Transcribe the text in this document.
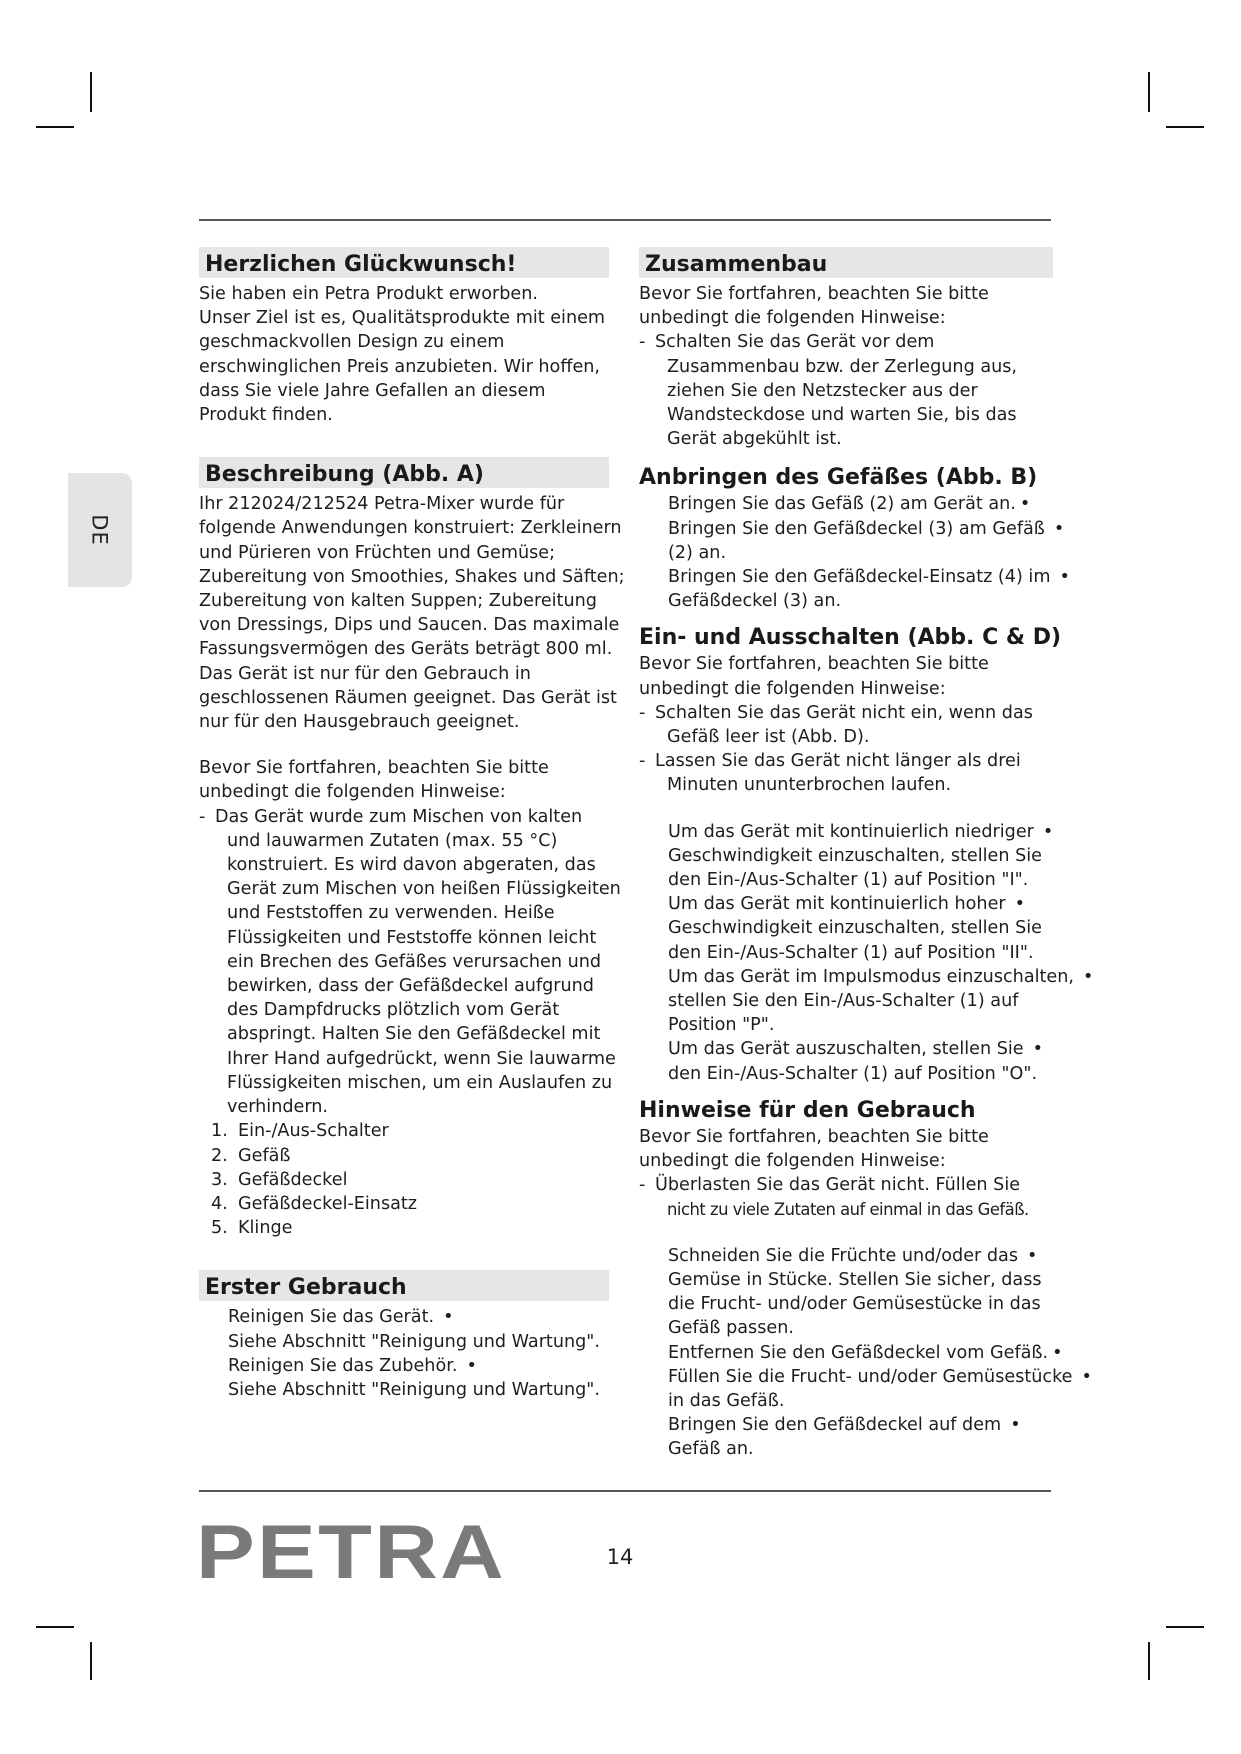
DE
Herzlichen Glückwunsch!

Sie haben ein Petra Produkt erworben.

Unser Ziel ist es, Qualitätsprodukte mit einem

geschmackvollen Design zu einem

erschwinglichen Preis anzubieten. Wir hoffen,

dass Sie viele Jahre Gefallen an diesem

Produkt finden.

Beschreibung (Abb. A)

Ihr 212024/212524 Petra-Mixer wurde für

folgende Anwendungen konstruiert: Zerkleinern

und Pürieren von Früchten und Gemüse;

Zubereitung von Smoothies, Shakes und Säften;

Zubereitung von kalten Suppen; Zubereitung

von Dressings, Dips und Saucen. Das maximale

Fassungsvermögen des Geräts beträgt 800 ml.

Das Gerät ist nur für den Gebrauch in

geschlossenen Räumen geeignet. Das Gerät ist

nur für den Hausgebrauch geeignet.

Bevor Sie fortfahren, beachten Sie bitte

unbedingt die folgenden Hinweise:

- Das Gerät wurde zum Mischen von kalten
und lauwarmen Zutaten (max. 55 °C)
konstruiert. Es wird davon abgeraten, das
Gerät zum Mischen von heißen Flüssigkeiten
und Feststoffen zu verwenden. Heiße
Flüssigkeiten und Feststoffe können leicht
ein Brechen des Gefäßes verursachen und
bewirken, dass der Gefäßdeckel aufgrund
des Dampfdrucks plötzlich vom Gerät
abspringt. Halten Sie den Gefäßdeckel mit
Ihrer Hand aufgedrückt, wenn Sie lauwarme
Flüssigkeiten mischen, um ein Auslaufen zu
verhindern.
1. Ein-/Aus-Schalter
2. Gefäß
3. Gefäßdeckel
4. Gefäßdeckel-Einsatz
5. Klinge
Erster Gebrauch
Reinigen Sie das Gerät. •
Siehe Abschnitt "Reinigung und Wartung".
Reinigen Sie das Zubehör. •
Siehe Abschnitt "Reinigung und Wartung".
Zusammenbau

Bevor Sie fortfahren, beachten Sie bitte

unbedingt die folgenden Hinweise:

- Schalten Sie das Gerät vor dem
Zusammenbau bzw. der Zerlegung aus,
ziehen Sie den Netzstecker aus der
Wandsteckdose und warten Sie, bis das
Gerät abgekühlt ist.
Anbringen des Gefäßes (Abb. B)
Bringen Sie das Gefäß (2) am Gerät an. •
Bringen Sie den Gefäßdeckel (3) am Gefäß •
(2) an.
Bringen Sie den Gefäßdeckel-Einsatz (4) im •
Gefäßdeckel (3) an.
Ein- und Ausschalten (Abb. C & D)

Bevor Sie fortfahren, beachten Sie bitte

unbedingt die folgenden Hinweise:

- Schalten Sie das Gerät nicht ein, wenn das
Gefäß leer ist (Abb. D).
- Lassen Sie das Gerät nicht länger als drei
Minuten ununterbrochen laufen.
Um das Gerät mit kontinuierlich niedriger •
Geschwindigkeit einzuschalten, stellen Sie
den Ein-/Aus-Schalter (1) auf Position "I".
Um das Gerät mit kontinuierlich hoher •
Geschwindigkeit einzuschalten, stellen Sie
den Ein-/Aus-Schalter (1) auf Position "II".
Um das Gerät im Impulsmodus einzuschalten, •
stellen Sie den Ein-/Aus-Schalter (1) auf
Position "P".
Um das Gerät auszuschalten, stellen Sie •
den Ein-/Aus-Schalter (1) auf Position "O".
Hinweise für den Gebrauch

Bevor Sie fortfahren, beachten Sie bitte

unbedingt die folgenden Hinweise:

- Überlasten Sie das Gerät nicht. Füllen Sie
nicht zu viele Zutaten auf einmal in das Gefäß.
Schneiden Sie die Früchte und/oder das •
Gemüse in Stücke. Stellen Sie sicher, dass
die Frucht- und/oder Gemüsestücke in das
Gefäß passen.
Entfernen Sie den Gefäßdeckel vom Gefäß. •
Füllen Sie die Frucht- und/oder Gemüsestücke •
in das Gefäß.
Bringen Sie den Gefäßdeckel auf dem •
Gefäß an.
PETRA	14
